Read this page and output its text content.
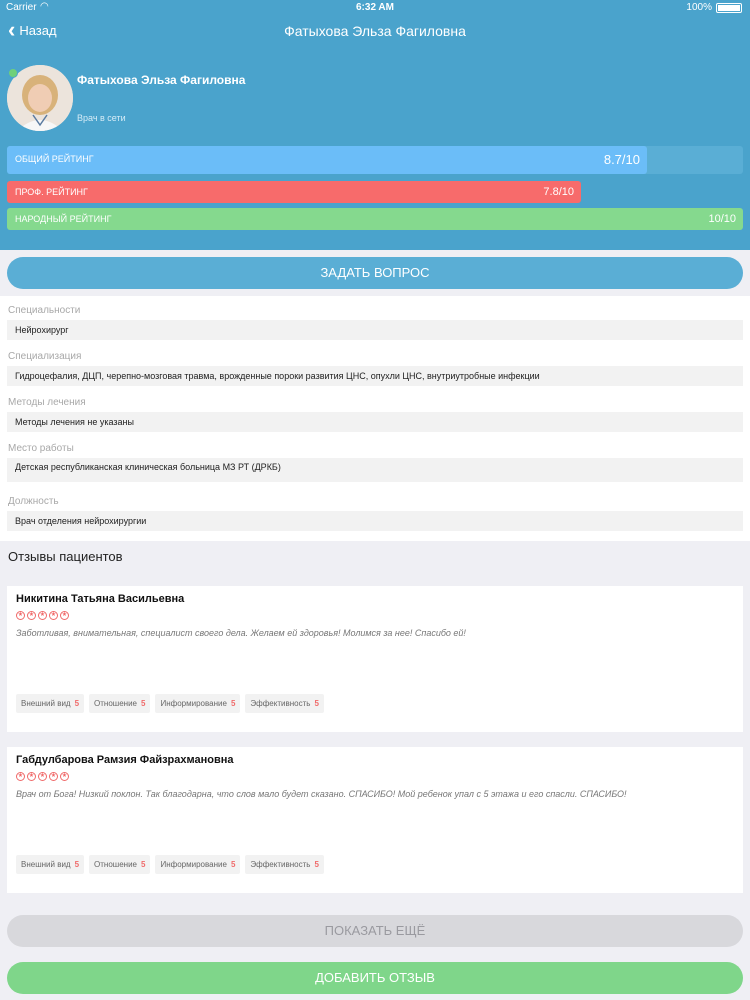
Carrier ◠	6:32 AM	100%
‹ Назад	Фатыхова Эльза Фагиловна
Фатыхова Эльза Фагиловна
Врач в сети
ОБЩИЙ РЕЙТИНГ	8.7/10
ПРОФ. РЕЙТИНГ	7.8/10
НАРОДНЫЙ РЕЙТИНГ	10/10
ЗАДАТЬ ВОПРОС
Специальности
Нейрохирург
Специализация
Гидроцефалия, ДЦП, черепно-мозговая травма, врожденные пороки развития ЦНС, опухли ЦНС, внутриутробные инфекции
Методы лечения
Методы лечения не указаны
Место работы
Детская республиканская клиническая больница МЗ РТ (ДРКБ)
Должность
Врач отделения нейрохирургии
Отзывы пациентов
Никитина Татьяна Васильевна
★ ★ ★ ★ ★
Заботливая, внимательная, специалист своего дела. Желаем ей здоровья! Молимся за нее! Спасибо ей!
Внешний вид 5	Отношение 5	Информирование 5	Эффективность 5
Габдулбарова Рамзия Файзрахмановна
★ ★ ★ ★ ★
Врач от Бога! Низкий поклон. Так благодарна, что слов мало будет сказано. СПАСИБО! Мой ребенок упал с 5 этажа и его спасли. СПАСИБО!
Внешний вид 5	Отношение 5	Информирование 5	Эффективность 5
ПОКАЗАТЬ ЕЩЁ
ДОБАВИТЬ ОТЗЫВ
